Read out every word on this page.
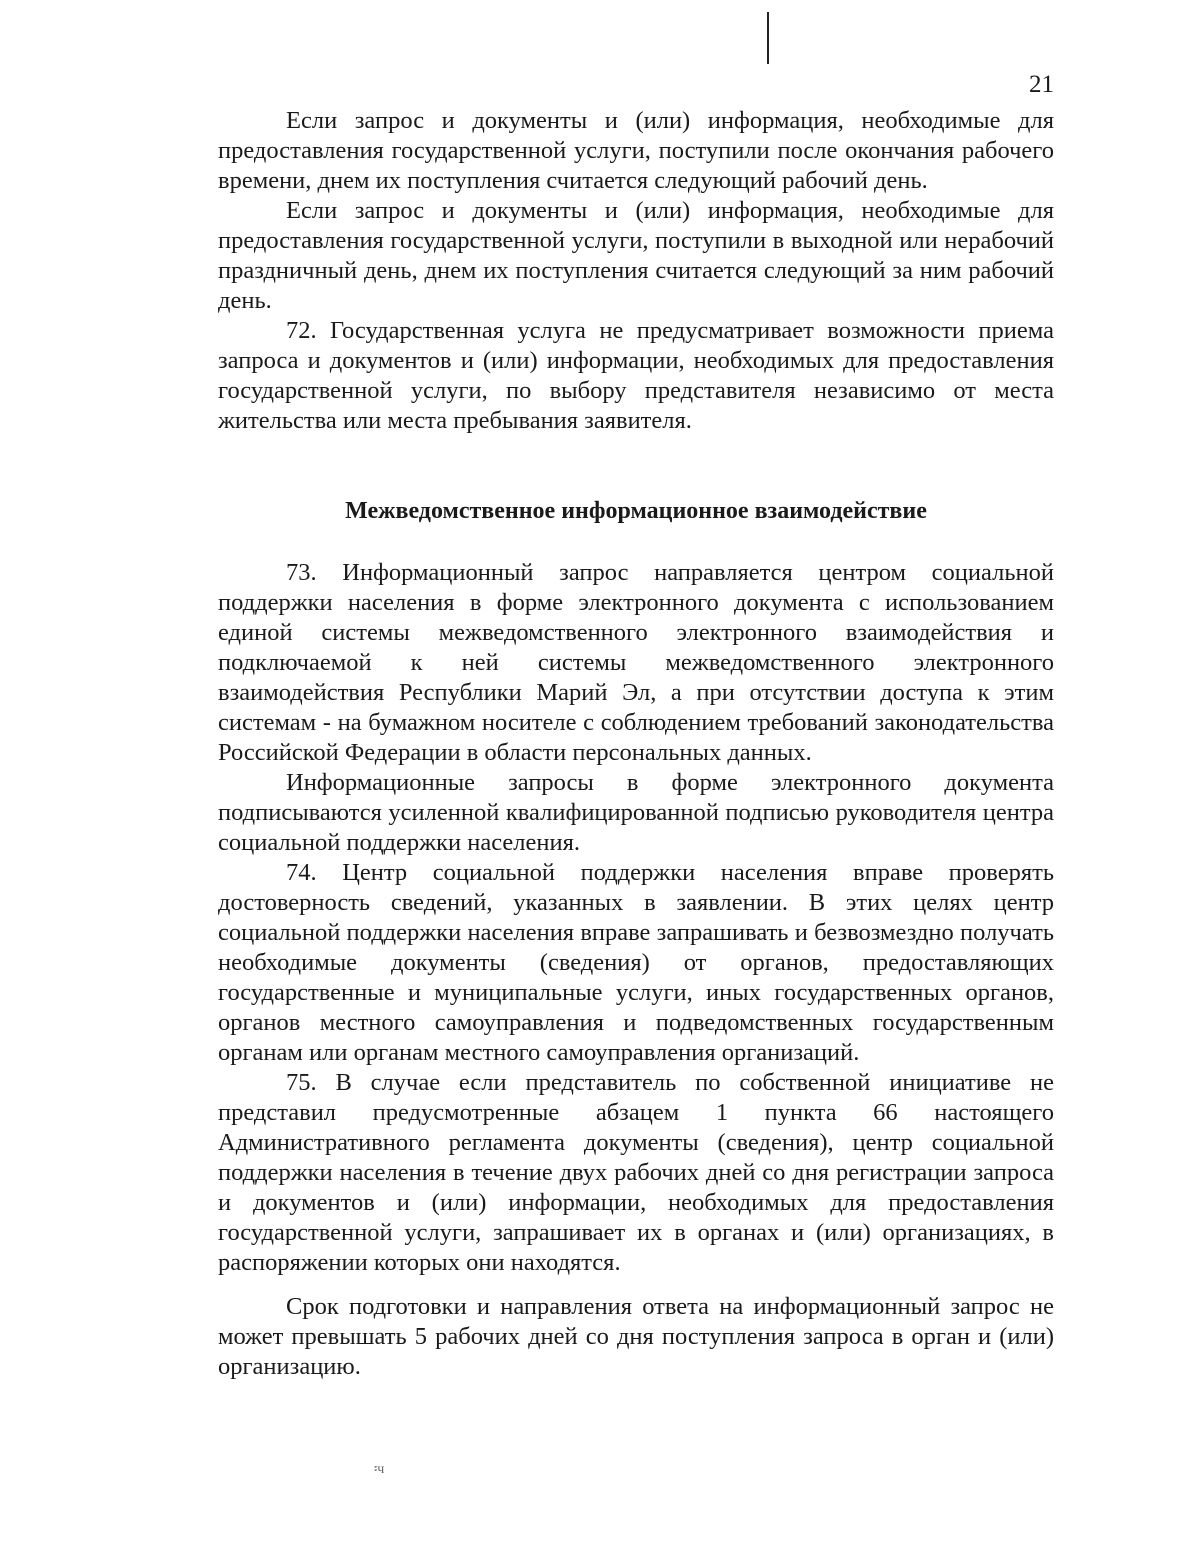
21

Если запрос и документы и (или) информация, необходимые для предоставления государственной услуги, поступили после окончания рабочего времени, днем их поступления считается следующий рабочий день.

Если запрос и документы и (или) информация, необходимые для предоставления государственной услуги, поступили в выходной или нерабочий праздничный день, днем их поступления считается следующий за ним рабочий день.

72. Государственная услуга не предусматривает возможности приема запроса и документов и (или) информации, необходимых для предоставления государственной услуги, по выбору представителя независимо от места жительства или места пребывания заявителя.

Межведомственное информационное взаимодействие

73. Информационный запрос направляется центром социальной поддержки населения в форме электронного документа с использованием единой системы межведомственного электронного взаимодействия и подключаемой к ней системы межведомственного электронного взаимодействия Республики Марий Эл, а при отсутствии доступа к этим системам - на бумажном носителе с соблюдением требований законодательства Российской Федерации в области персональных данных.

Информационные запросы в форме электронного документа подписываются усиленной квалифицированной подписью руководителя центра социальной поддержки населения.

74. Центр социальной поддержки населения вправе проверять достоверность сведений, указанных в заявлении. В этих целях центр социальной поддержки населения вправе запрашивать и безвозмездно получать необходимые документы (сведения) от органов, предоставляющих государственные и муниципальные услуги, иных государственных органов, органов местного самоуправления и подведомственных государственным органам или органам местного самоуправления организаций.

75. В случае если представитель по собственной инициативе не представил предусмотренные абзацем 1 пункта 66 настоящего Административного регламента документы (сведения), центр социальной поддержки населения в течение двух рабочих дней со дня регистрации запроса и документов и (или) информации, необходимых для предоставления государственной услуги, запрашивает их в органах и (или) организациях, в распоряжении которых они находятся.

Срок подготовки и направления ответа на информационный запрос не может превышать 5 рабочих дней со дня поступления запроса в орган и (или) организацию.

፡ч
